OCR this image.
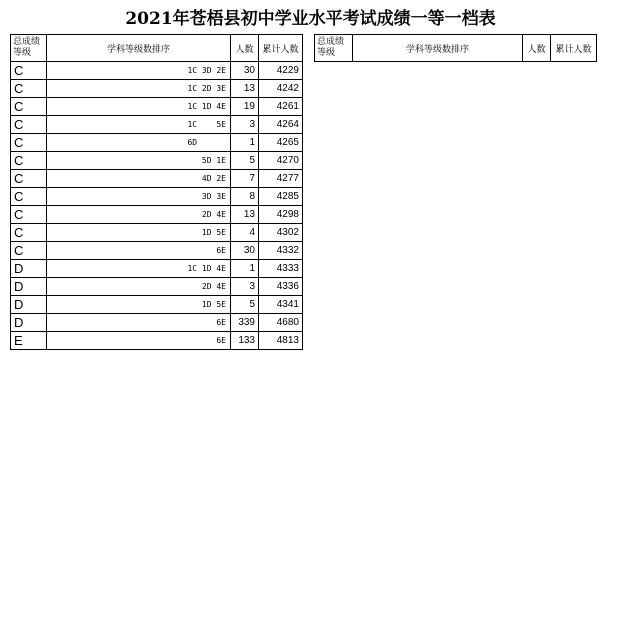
2021年苍梧县初中学业水平考试成绩一等一档表
总成绩
等级	学科等级数排序	人数	累计人数
C	1C 3D 2E	30	4229
C	1C 2D 3E	13	4242
C	1C 1D 4E	19	4261
C	1C    5E	3	4264
C	6D	1	4265
C	5D 1E	5	4270
C	4D 2E	7	4277
C	3D 3E	8	4285
C	2D 4E	13	4298
C	1D 5E	4	4302
C	6E	30	4332
D	1C 1D 4E	1	4333
D	2D 4E	3	4336
D	1D 5E	5	4341
D	6E	339	4680
E	6E	133	4813
总成绩
等级	学科等级数排序	人数	累计人数
